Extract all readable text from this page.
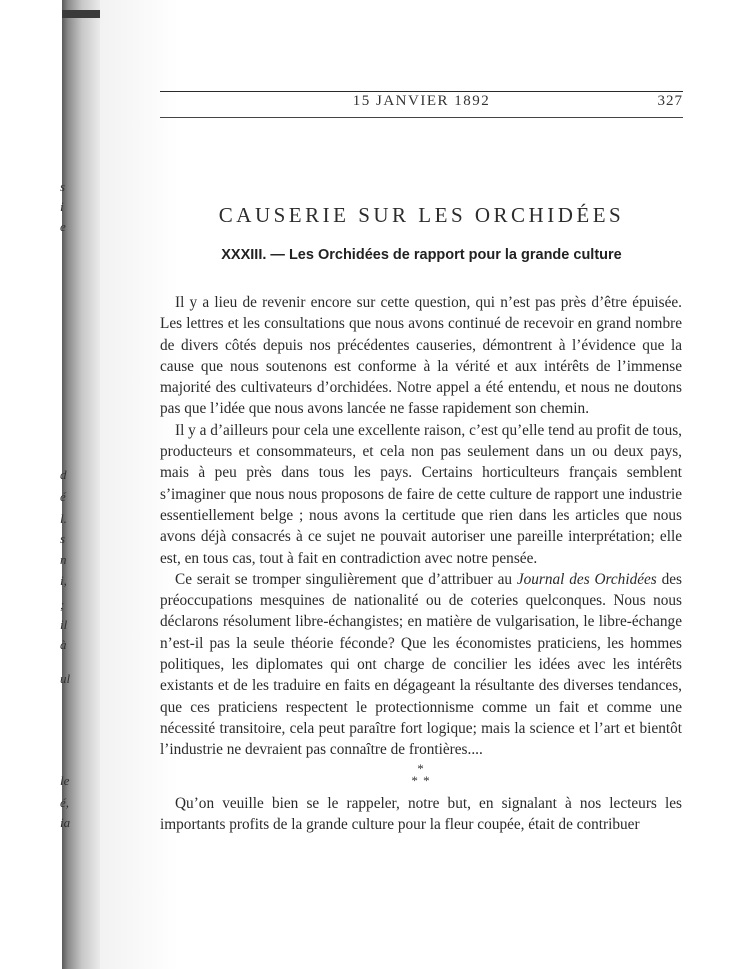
s
i
e
d
é
l.
s
n
i,
;
il
à
ul
le
é,
ia
15 JANVIER 1892	327
CAUSERIE SUR LES ORCHIDÉES
XXXIII. — Les Orchidées de rapport pour la grande culture

Il y a lieu de revenir encore sur cette question, qui n’est pas près d’être épuisée. Les lettres et les consultations que nous avons continué de recevoir en grand nombre de divers côtés depuis nos précédentes causeries, démontrent à l’évidence que la cause que nous soutenons est conforme à la vérité et aux intérêts de l’immense majorité des cultivateurs d’orchidées. Notre appel a été entendu, et nous ne doutons pas que l’idée que nous avons lancée ne fasse rapidement son chemin.

Il y a d’ailleurs pour cela une excellente raison, c’est qu’elle tend au profit de tous, producteurs et consommateurs, et cela non pas seulement dans un ou deux pays, mais à peu près dans tous les pays. Certains horticulteurs français semblent s’imaginer que nous nous proposons de faire de cette culture de rapport une industrie essentiellement belge ; nous avons la certitude que rien dans les articles que nous avons déjà consacrés à ce sujet ne pouvait autoriser une pareille interprétation; elle est, en tous cas, tout à fait en contradiction avec notre pensée.

Ce serait se tromper singulièrement que d’attribuer au Journal des Orchidées des préoccupations mesquines de nationalité ou de coteries quelconques. Nous nous déclarons résolument libre-échangistes; en matière de vulgarisation, le libre-échange n’est-il pas la seule théorie féconde? Que les économistes praticiens, les hommes politiques, les diplomates qui ont charge de concilier les idées avec les intérêts existants et de les traduire en faits en dégageant la résultante des diverses tendances, que ces praticiens respectent le protectionnisme comme un fait et comme une nécessité transitoire, cela peut paraître fort logique; mais la science et l’art et bientôt l’industrie ne devraient pas connaître de frontières....

*
* *

Qu’on veuille bien se le rappeler, notre but, en signalant à nos lecteurs les importants profits de la grande culture pour la fleur coupée, était de contribuer
